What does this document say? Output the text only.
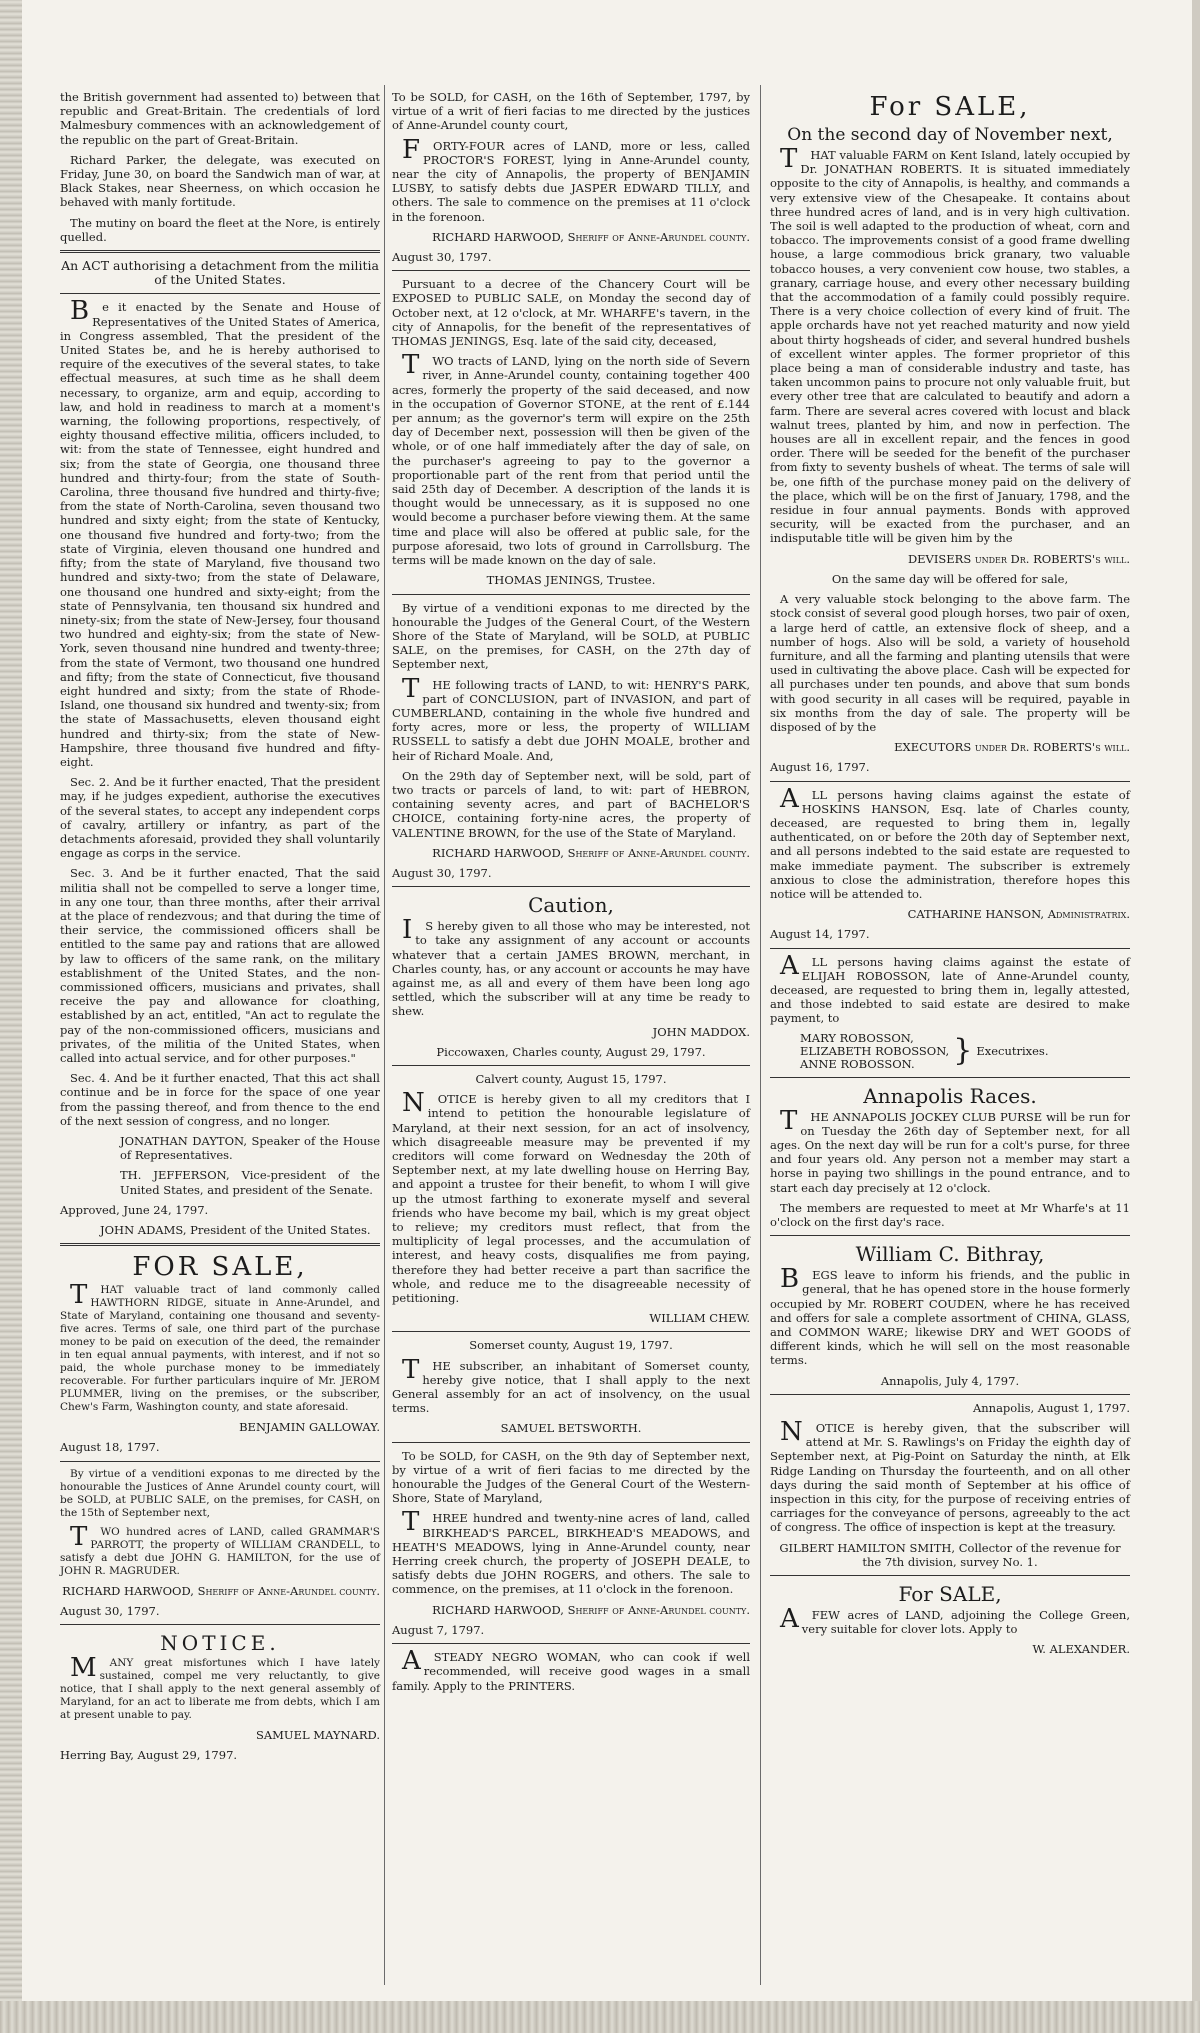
the British government had assented to) between that republic and Great-Britain. The credentials of lord Malmesbury commences with an acknowledgement of the republic on the part of Great-Britain.

Richard Parker, the delegate, was executed on Friday, June 30, on board the Sandwich man of war, at Black Stakes, near Sheerness, on which occasion he behaved with manly fortitude.

The mutiny on board the fleet at the Nore, is entirely quelled.

An ACT authorising a detachment from the militia of the United States.

Be it enacted by the Senate and House of Representatives of the United States of America, in Congress assembled, That the president of the United States be, and he is hereby authorised to require of the executives of the several states, to take effectual measures, at such time as he shall deem necessary, to organize, arm and equip, according to law, and hold in readiness to march at a moment's warning, the following proportions, respectively, of eighty thousand effective militia, officers included, to wit: from the state of Tennessee, eight hundred and six; from the state of Georgia, one thousand three hundred and thirty-four; from the state of South-Carolina, three thousand five hundred and thirty-five; from the state of North-Carolina, seven thousand two hundred and sixty eight; from the state of Kentucky, one thousand five hundred and forty-two; from the state of Virginia, eleven thousand one hundred and fifty; from the state of Maryland, five thousand two hundred and sixty-two; from the state of Delaware, one thousand one hundred and sixty-eight; from the state of Pennsylvania, ten thousand six hundred and ninety-six; from the state of New-Jersey, four thousand two hundred and eighty-six; from the state of New-York, seven thousand nine hundred and twenty-three; from the state of Vermont, two thousand one hundred and fifty; from the state of Connecticut, five thousand eight hundred and sixty; from the state of Rhode-Island, one thousand six hundred and twenty-six; from the state of Massachusetts, eleven thousand eight hundred and thirty-six; from the state of New-Hampshire, three thousand five hundred and fifty-eight.

Sec. 2. And be it further enacted, That the president may, if he judges expedient, authorise the executives of the several states, to accept any independent corps of cavalry, artillery or infantry, as part of the detachments aforesaid, provided they shall voluntarily engage as corps in the service.

Sec. 3. And be it further enacted, That the said militia shall not be compelled to serve a longer time, in any one tour, than three months, after their arrival at the place of rendezvous; and that during the time of their service, the commissioned officers shall be entitled to the same pay and rations that are allowed by law to officers of the same rank, on the military establishment of the United States, and the non-commissioned officers, musicians and privates, shall receive the pay and allowance for cloathing, established by an act, entitled, "An act to regulate the pay of the non-commissioned officers, musicians and privates, of the militia of the United States, when called into actual service, and for other purposes."

Sec. 4. And be it further enacted, That this act shall continue and be in force for the space of one year from the passing thereof, and from thence to the end of the next session of congress, and no longer.

JONATHAN DAYTON, Speaker of the House of Representatives.

TH. JEFFERSON, Vice-president of the United States, and president of the Senate.

Approved, June 24, 1797.

JOHN ADAMS, President of the United States.

FOR SALE,

THAT valuable tract of land commonly called HAWTHORN RIDGE, situate in Anne-Arundel, and State of Maryland, containing one thousand and seventy-five acres. Terms of sale, one third part of the purchase money to be paid on execution of the deed, the remainder in ten equal annual payments, with interest, and if not so paid, the whole purchase money to be immediately recoverable. For further particulars inquire of Mr. JEROM PLUMMER, living on the premises, or the subscriber, Chew's Farm, Washington county, and state aforesaid.

BENJAMIN GALLOWAY.

August 18, 1797.

By virtue of a venditioni exponas to me directed by the honourable the Justices of Anne Arundel county court, will be SOLD, at PUBLIC SALE, on the premises, for CASH, on the 15th of September next,

TWO hundred acres of LAND, called GRAMMAR'S PARROTT, the property of WILLIAM CRANDELL, to satisfy a debt due JOHN G. HAMILTON, for the use of JOHN R. MAGRUDER.

RICHARD HARWOOD, Sheriff of Anne-Arundel county.

August 30, 1797.

NOTICE.

MANY great misfortunes which I have lately sustained, compel me very reluctantly, to give notice, that I shall apply to the next general assembly of Maryland, for an act to liberate me from debts, which I am at present unable to pay.

SAMUEL MAYNARD.

Herring Bay, August 29, 1797.

To be SOLD, for CASH, on the 16th of September, 1797, by virtue of a writ of fieri facias to me directed by the justices of Anne-Arundel county court,

FORTY-FOUR acres of LAND, more or less, called PROCTOR'S FOREST, lying in Anne-Arundel county, near the city of Annapolis, the property of BENJAMIN LUSBY, to satisfy debts due JASPER EDWARD TILLY, and others. The sale to commence on the premises at 11 o'clock in the forenoon.

RICHARD HARWOOD, Sheriff of Anne-Arundel county.

August 30, 1797.

Pursuant to a decree of the Chancery Court will be EXPOSED to PUBLIC SALE, on Monday the second day of October next, at 12 o'clock, at Mr. WHARFE's tavern, in the city of Annapolis, for the benefit of the representatives of THOMAS JENINGS, Esq. late of the said city, deceased,

TWO tracts of LAND, lying on the north side of Severn river, in Anne-Arundel county, containing together 400 acres, formerly the property of the said deceased, and now in the occupation of Governor STONE, at the rent of £.144 per annum; as the governor's term will expire on the 25th day of December next, possession will then be given of the whole, or of one half immediately after the day of sale, on the purchaser's agreeing to pay to the governor a proportionable part of the rent from that period until the said 25th day of December. A description of the lands it is thought would be unnecessary, as it is supposed no one would become a purchaser before viewing them. At the same time and place will also be offered at public sale, for the purpose aforesaid, two lots of ground in Carrollsburg. The terms will be made known on the day of sale.

THOMAS JENINGS, Trustee.

By virtue of a venditioni exponas to me directed by the honourable the Judges of the General Court, of the Western Shore of the State of Maryland, will be SOLD, at PUBLIC SALE, on the premises, for CASH, on the 27th day of September next,

THE following tracts of LAND, to wit: HENRY'S PARK, part of CONCLUSION, part of INVASION, and part of CUMBERLAND, containing in the whole five hundred and forty acres, more or less, the property of WILLIAM RUSSELL to satisfy a debt due JOHN MOALE, brother and heir of Richard Moale. And,

On the 29th day of September next, will be sold, part of two tracts or parcels of land, to wit: part of HEBRON, containing seventy acres, and part of BACHELOR'S CHOICE, containing forty-nine acres, the property of VALENTINE BROWN, for the use of the State of Maryland.

RICHARD HARWOOD, Sheriff of Anne-Arundel county.

August 30, 1797.

Caution,

IS hereby given to all those who may be interested, not to take any assignment of any account or accounts whatever that a certain JAMES BROWN, merchant, in Charles county, has, or any account or accounts he may have against me, as all and every of them have been long ago settled, which the subscriber will at any time be ready to shew.

JOHN MADDOX.

Piccowaxen, Charles county, August 29, 1797.

Calvert county, August 15, 1797.

NOTICE is hereby given to all my creditors that I intend to petition the honourable legislature of Maryland, at their next session, for an act of insolvency, which disagreeable measure may be prevented if my creditors will come forward on Wednesday the 20th of September next, at my late dwelling house on Herring Bay, and appoint a trustee for their benefit, to whom I will give up the utmost farthing to exonerate myself and several friends who have become my bail, which is my great object to relieve; my creditors must reflect, that from the multiplicity of legal processes, and the accumulation of interest, and heavy costs, disqualifies me from paying, therefore they had better receive a part than sacrifice the whole, and reduce me to the disagreeable necessity of petitioning.

WILLIAM CHEW.

Somerset county, August 19, 1797.

THE subscriber, an inhabitant of Somerset county, hereby give notice, that I shall apply to the next General assembly for an act of insolvency, on the usual terms.

SAMUEL BETSWORTH.

To be SOLD, for CASH, on the 9th day of September next, by virtue of a writ of fieri facias to me directed by the honourable the Judges of the General Court of the Western-Shore, State of Maryland,

THREE hundred and twenty-nine acres of land, called BIRKHEAD'S PARCEL, BIRKHEAD'S MEADOWS, and HEATH'S MEADOWS, lying in Anne-Arundel county, near Herring creek church, the property of JOSEPH DEALE, to satisfy debts due JOHN ROGERS, and others. The sale to commence, on the premises, at 11 o'clock in the forenoon.

RICHARD HARWOOD, Sheriff of Anne-Arundel county.

August 7, 1797.

ASTEADY NEGRO WOMAN, who can cook if well recommended, will receive good wages in a small family. Apply to the PRINTERS.

For SALE,
On the second day of November next,

THAT valuable FARM on Kent Island, lately occupied by Dr. JONATHAN ROBERTS. It is situated immediately opposite to the city of Annapolis, is healthy, and commands a very extensive view of the Chesapeake. It contains about three hundred acres of land, and is in very high cultivation. The soil is well adapted to the production of wheat, corn and tobacco. The improvements consist of a good frame dwelling house, a large commodious brick granary, two valuable tobacco houses, a very convenient cow house, two stables, a granary, carriage house, and every other necessary building that the accommodation of a family could possibly require. There is a very choice collection of every kind of fruit. The apple orchards have not yet reached maturity and now yield about thirty hogsheads of cider, and several hundred bushels of excellent winter apples. The former proprietor of this place being a man of considerable industry and taste, has taken uncommon pains to procure not only valuable fruit, but every other tree that are calculated to beautify and adorn a farm. There are several acres covered with locust and black walnut trees, planted by him, and now in perfection. The houses are all in excellent repair, and the fences in good order. There will be seeded for the benefit of the purchaser from fixty to seventy bushels of wheat. The terms of sale will be, one fifth of the purchase money paid on the delivery of the place, which will be on the first of January, 1798, and the residue in four annual payments. Bonds with approved security, will be exacted from the purchaser, and an indisputable title will be given him by the

DEVISERS under Dr. ROBERTS's will.

On the same day will be offered for sale,

A very valuable stock belonging to the above farm. The stock consist of several good plough horses, two pair of oxen, a large herd of cattle, an extensive flock of sheep, and a number of hogs. Also will be sold, a variety of household furniture, and all the farming and planting utensils that were used in cultivating the above place. Cash will be expected for all purchases under ten pounds, and above that sum bonds with good security in all cases will be required, payable in six months from the day of sale. The property will be disposed of by the

EXECUTORS under Dr. ROBERTS's will.

August 16, 1797.

ALL persons having claims against the estate of HOSKINS HANSON, Esq. late of Charles county, deceased, are requested to bring them in, legally authenticated, on or before the 20th day of September next, and all persons indebted to the said estate are requested to make immediate payment. The subscriber is extremely anxious to close the administration, therefore hopes this notice will be attended to.

CATHARINE HANSON, Administratrix.

August 14, 1797.

ALL persons having claims against the estate of ELIJAH ROBOSSON, late of Anne-Arundel county, deceased, are requested to bring them in, legally attested, and those indebted to said estate are desired to make payment, to

MARY ROBOSSON,
ELIZABETH ROBOSSON,
ANNE ROBOSSON.	} Executrixes.
Annapolis Races.

THE ANNAPOLIS JOCKEY CLUB PURSE will be run for on Tuesday the 26th day of September next, for all ages. On the next day will be run for a colt's purse, for three and four years old. Any person not a member may start a horse in paying two shillings in the pound entrance, and to start each day precisely at 12 o'clock.

The members are requested to meet at Mr Wharfe's at 11 o'clock on the first day's race.

William C. Bithray,

BEGS leave to inform his friends, and the public in general, that he has opened store in the house formerly occupied by Mr. ROBERT COUDEN, where he has received and offers for sale a complete assortment of CHINA, GLASS, and COMMON WARE; likewise DRY and WET GOODS of different kinds, which he will sell on the most reasonable terms.

Annapolis, July 4, 1797.

Annapolis, August 1, 1797.

NOTICE is hereby given, that the subscriber will attend at Mr. S. Rawlings's on Friday the eighth day of September next, at Pig-Point on Saturday the ninth, at Elk Ridge Landing on Thursday the fourteenth, and on all other days during the said month of September at his office of inspection in this city, for the purpose of receiving entries of carriages for the conveyance of persons, agreeably to the act of congress. The office of inspection is kept at the treasury.

GILBERT HAMILTON SMITH, Collector of the revenue for the 7th division, survey No. 1.

For SALE,

AFEW acres of LAND, adjoining the College Green, very suitable for clover lots. Apply to

W. ALEXANDER.
